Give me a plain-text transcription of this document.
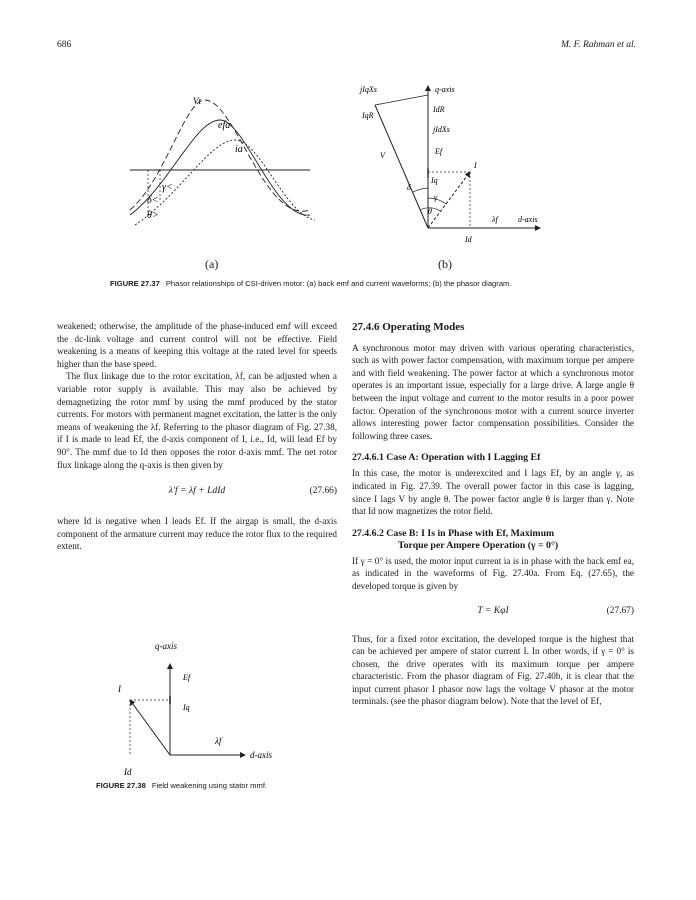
686	M. F. Rahman et al.
Vt
efa
ia
γ<
δ<
θ>
jIqXs	q-axis
IqR
IdR
jIdXs
Ef
V
Iq
I
δ
γ
θ
λf	d-axis
Id
(a)	(b)
FIGURE 27.37 Phasor relationships of CSI-driven motor: (a) back emf and current waveforms; (b) the phasor diagram.

weakened; otherwise, the amplitude of the phase-induced emf will exceed the dc-link voltage and current control will not be effective. Field weakening is a means of keeping this voltage at the rated level for speeds higher than the base speed.

The flux linkage due to the rotor excitation, λf, can be adjusted when a variable rotor supply is available. This may also be achieved by demagnetizing the rotor mmf by using the mmf produced by the stator currents. For motors with permanent magnet excitation, the latter is the only means of weakening the λf. Referring to the phasor diagram of Fig. 27.38, if I is made to lead Ef, the d-axis component of I, i.e., Id, will lead Ef by 90°. The mmf due to Id then opposes the rotor d-axis mmf. The net rotor flux linkage along the q-axis is then given by

λ′f = λf + LdId	(27.66)

where Id is negative when I leads Ef. If the airgap is small, the d-axis component of the armature current may reduce the rotor flux to the required extent.

q-axis
Ef
I
Iq
λf
d-axis
Id
FIGURE 27.38 Field weakening using stator mmf.
27.4.6 Operating Modes

A synchronous motor may driven with various operating characteristics, such as with power factor compensation, with maximum torque per ampere and with field weakening. The power factor at which a synchronous motor operates is an important issue, especially for a large drive. A large angle θ between the input voltage and current to the motor results in a poor power factor. Operation of the synchronous motor with a current source inverter allows interesting power factor compensation possibilities. Consider the following three cases.

27.4.6.1 Case A: Operation with I Lagging Ef

In this case, the motor is underexcited and I lags Ef, by an angle γ, as indicated in Fig. 27.39. The overall power factor in this case is lagging, since I lags V by angle θ. The power factor angle θ is larger than γ. Note that Id now magnetizes the rotor field.

27.4.6.2 Case B: I Is in Phase with Ef, Maximum
Torque per Ampere Operation (γ = 0°)

If γ = 0° is used, the motor input current ia is in phase with the back emf ea, as indicated in the waveforms of Fig. 27.40a. From Eq. (27.65), the developed torque is given by

T = KφI	(27.67)

Thus, for a fixed rotor excitation, the developed torque is the highest that can be achieved per ampere of stator current I. In other words, if γ = 0° is chosen, the drive operates with its maximum torque per ampere characteristic. From the phasor diagram of Fig. 27.40b, it is clear that the input current phasor I phasor now lags the voltage V phasor at the motor terminals. (see the phasor diagram below). Note that the level of Ef,
